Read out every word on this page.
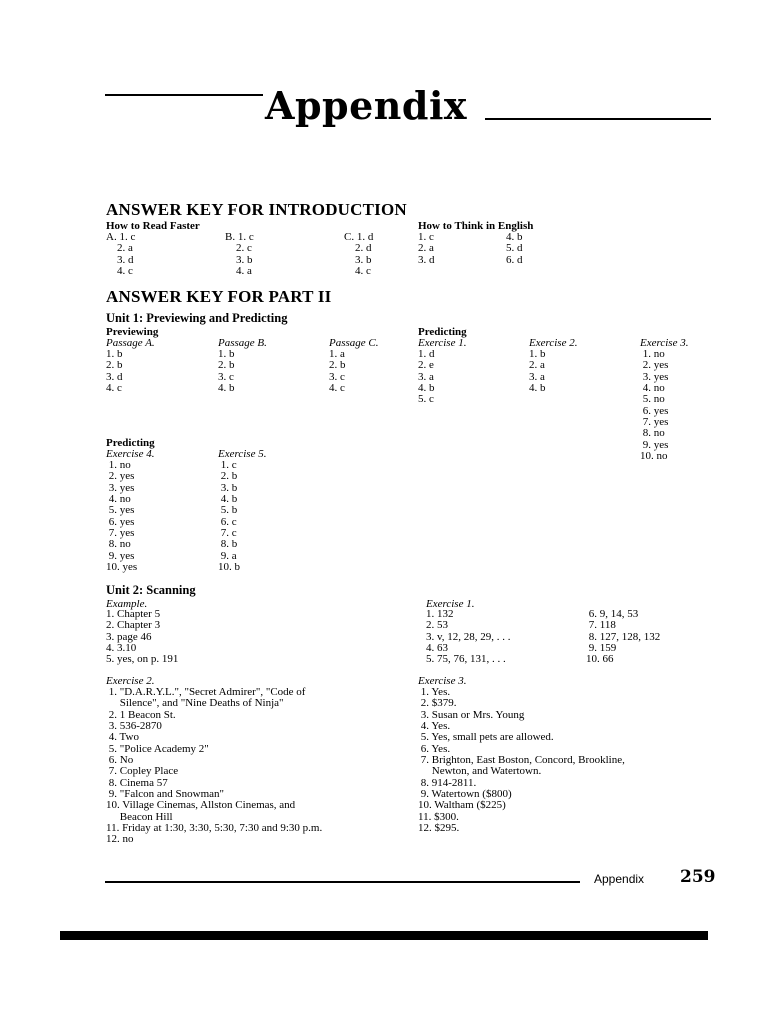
Appendix
ANSWER KEY FOR INTRODUCTION
How to Read Faster
A. 1. c
2. a
3. d
4. c
B. 1. c
2. c
3. b
4. a
C. 1. d
2. d
3. b
4. c
How to Think in English
1. c
2. a
3. d
4. b
5. d
6. d
ANSWER KEY FOR PART II
Unit 1: Previewing and Predicting
Previewing
Passage A.
1. b
2. b
3. d
4. c
Passage B.
1. b
2. b
3. c
4. b
Passage C.
1. a
2. b
3. c
4. c
Predicting
Exercise 1.
1. d
2. e
3. a
4. b
5. c
Exercise 2.
1. b
2. a
3. a
4. b
Exercise 3.
1. no
2. yes
3. yes
4. no
5. no
6. yes
7. yes
8. no
9. yes
10. no
Predicting
Exercise 4.
1. no
2. yes
3. yes
4. no
5. yes
6. yes
7. yes
8. no
9. yes
10. yes
Exercise 5.
1. c
2. b
3. b
4. b
5. b
6. c
7. c
8. b
9. a
10. b
Unit 2: Scanning
Example.
1. Chapter 5
2. Chapter 3
3. page 46
4. 3.10
5. yes, on p. 191
Exercise 1.
1. 132
2. 53
3. v, 12, 28, 29, . . .
4. 63
5. 75, 76, 131, . . .
6. 9, 14, 53
7. 118
8. 127, 128, 132
9. 159
10. 66
Exercise 2.
1. "D.A.R.Y.L.", "Secret Admirer", "Code of
Silence", and "Nine Deaths of Ninja"
2. 1 Beacon St.
3. 536-2870
4. Two
5. "Police Academy 2"
6. No
7. Copley Place
8. Cinema 57
9. "Falcon and Snowman"
10. Village Cinemas, Allston Cinemas, and
Beacon Hill
11. Friday at 1:30, 3:30, 5:30, 7:30 and 9:30 p.m.
12. no
Exercise 3.
1. Yes.
2. $379.
3. Susan or Mrs. Young
4. Yes.
5. Yes, small pets are allowed.
6. Yes.
7. Brighton, East Boston, Concord, Brookline,
Newton, and Watertown.
8. 914-2811.
9. Watertown ($800)
10. Waltham ($225)
11. $300.
12. $295.
Appendix 259
